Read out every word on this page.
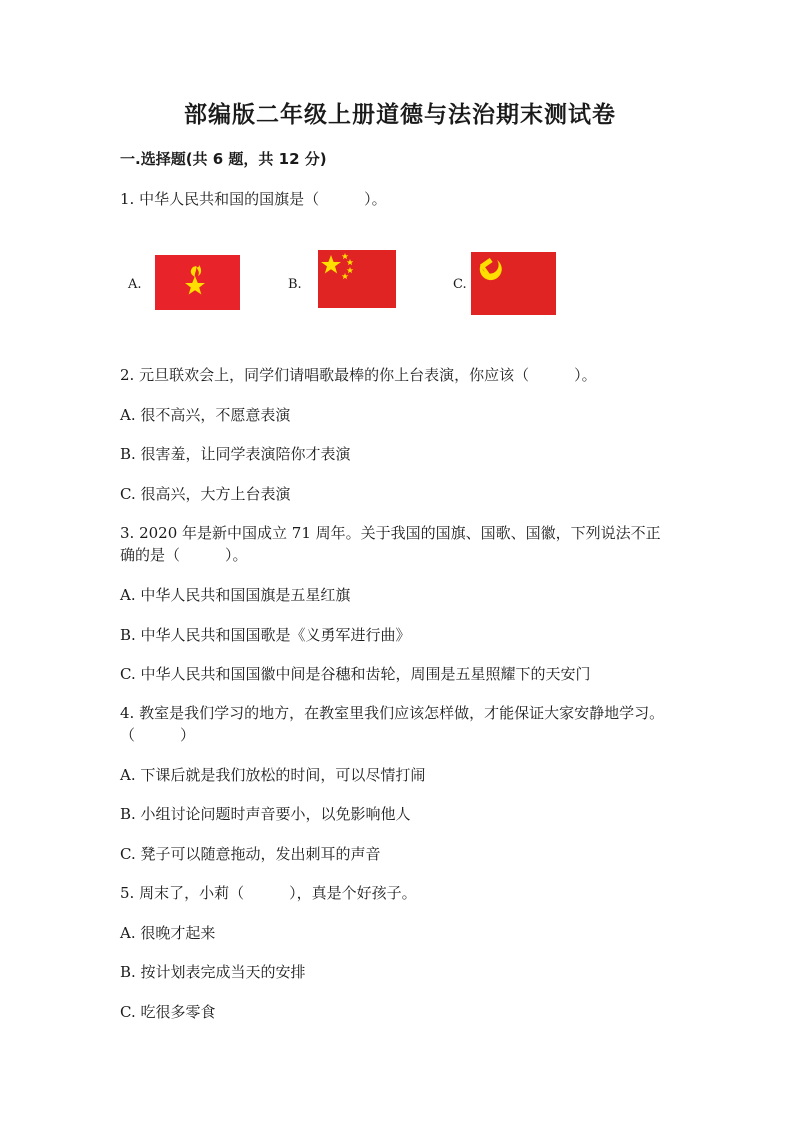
部编版二年级上册道德与法治期末测试卷
一.选择题(共 6 题，共 12 分)
1. 中华人民共和国的国旗是（　　　）。
A.	B.	C.
2. 元旦联欢会上，同学们请唱歌最棒的你上台表演，你应该（　　　）。
A. 很不高兴，不愿意表演
B. 很害羞，让同学表演陪你才表演
C. 很高兴，大方上台表演
3. 2020 年是新中国成立 71 周年。关于我国的国旗、国歌、国徽，下列说法不正确的是（　　　）。
A. 中华人民共和国国旗是五星红旗
B. 中华人民共和国国歌是《义勇军进行曲》
C. 中华人民共和国国徽中间是谷穗和齿轮，周围是五星照耀下的天安门
4. 教室是我们学习的地方，在教室里我们应该怎样做，才能保证大家安静地学习。（　　　）
A. 下课后就是我们放松的时间，可以尽情打闹
B. 小组讨论问题时声音要小，以免影响他人
C. 凳子可以随意拖动，发出刺耳的声音
5. 周末了，小莉（　　　），真是个好孩子。
A. 很晚才起来
B. 按计划表完成当天的安排
C. 吃很多零食
